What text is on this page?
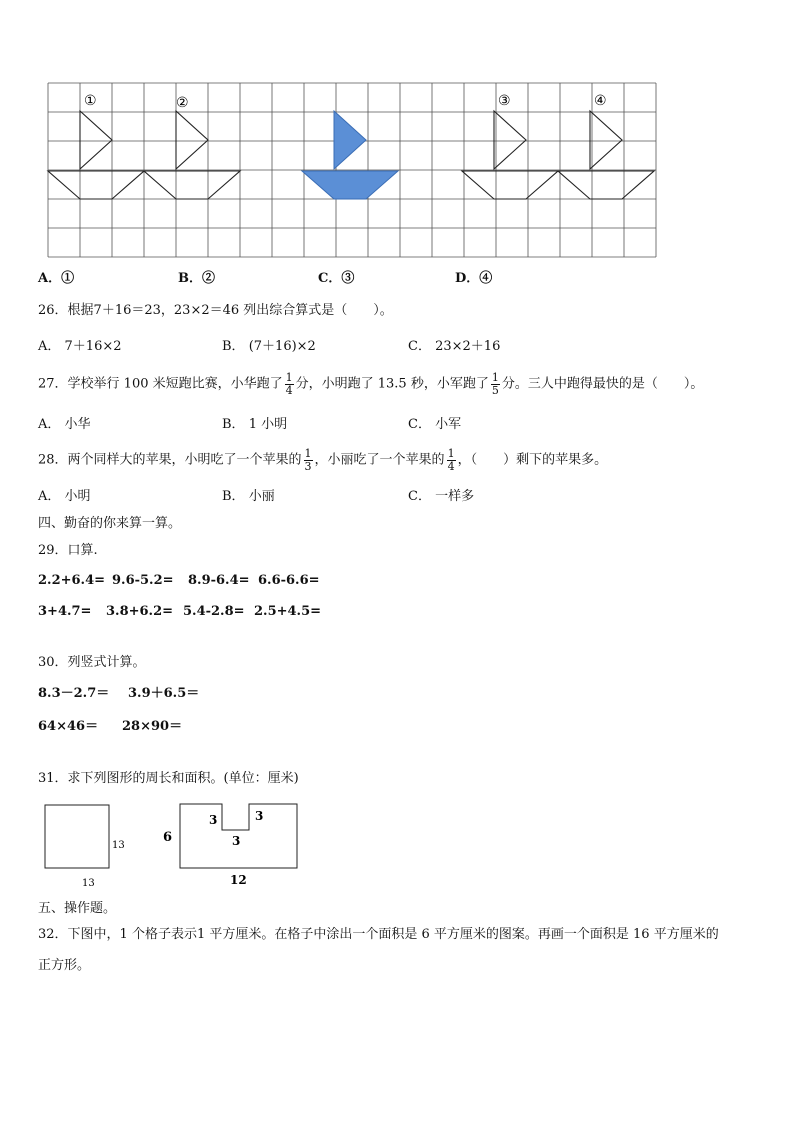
①	②	③	④
A．①	B．②	C．③	D．④
26．根据7＋16＝23，23×2＝46 列出综合算式是（　　）。
A． 7＋16×2	B． (7＋16)×2	C． 23×2＋16
27．学校举行 100 米短跑比赛，小华跑了 $\frac{1}{4}$ 分，小明跑了 13.5 秒，小军跑了 $\frac{1}{5}$ 分。三人中跑得最快的是（　　）。
A． 小华	B． 1 小明	C． 小军
28．两个同样大的苹果，小明吃了一个苹果的 $\frac{1}{3}$ ，小丽吃了一个苹果的 $\frac{1}{4}$ ，（　　）剩下的苹果多。
A． 小明	B． 小丽	C． 一样多
四、勤奋的你来算一算。
29．口算.
2.2+6.4= 9.6-5.2= 8.9-6.4= 6.6-6.6=
3+4.7= 3.8+6.2= 5.4-2.8= 2.5+4.5=
30．列竖式计算。
8.3－2.7＝ 3.9＋6.5＝
64×46＝ 28×90＝
31．求下列图形的周长和面积。(单位：厘米)
13
13
6
3	3
3
12
五、操作题。
32．下图中，1 个格子表示1 平方厘米。在格子中涂出一个面积是 6 平方厘米的图案。再画一个面积是 16 平方厘米的
正方形。
